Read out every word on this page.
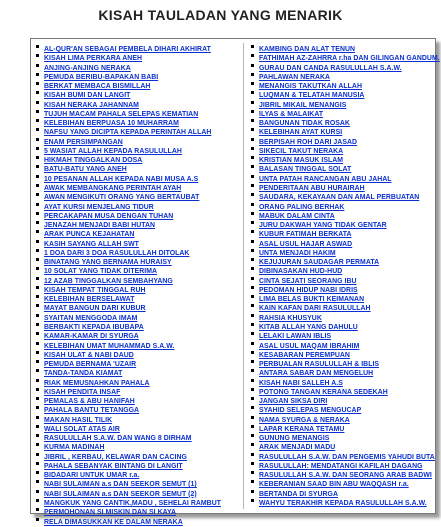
KISAH TAULADAN YANG MENARIK
AL-QUR'AN SEBAGAI PEMBELA DIHARI AKHIRAT
KISAH LIMA PERKARA ANEH
ANJING-ANJING NERAKA
PEMUDA BERIBU-BAPAKAN BABI
BERKAT MEMBACA BISMILLAH
KISAH BUMI DAN LANGIT
KISAH NERAKA JAHANNAM
TUJUH MACAM PAHALA SELEPAS KEMATIAN
KELEBIHAN BERPUASA 10 MUHARRAM
NAFSU YANG DICIPTA KEPADA PERINTAH ALLAH
ENAM PERSIMPANGAN
5 WASIAT ALLAH KEPADA RASULULLAH
HIKMAH TINGGALKAN DOSA
BATU-BATU YANG ANEH
10 PESANAN ALLAH KEPADA NABI MUSA A.S
AWAK MEMBANGKANG PERINTAH AYAH
AWAN MENGIKUTI ORANG YANG BERTAUBAT
AYAT KURSI MENJELANG TIDUR
PERCAKAPAN MUSA DENGAN TUHAN
JENAZAH MENJADI BABI HUTAN
ARAK PUNCA KEJAHATAN
KASIH SAYANG ALLAH SWT
1 DOA DARI 3 DOA RASULULLAH DITOLAK
BINATANG YANG BERNAMA HURAISY
10 SOLAT YANG TIDAK DITERIMA
12 AZAB TINGGALKAN SEMBAHYANG
KISAH TEMPAT TINGGAL RUH
KELEBIHAN BERSELAWAT
MAYAT BANGUN DARI KUBUR
SYAITAN MENGGODA IMAM
BERBAKTI KEPADA IBUBAPA
KAMAR-KAMAR DI SYURGA
KELEBIHAN UMAT MUHAMMAD S.A.W.
KISAH ULAT & NABI DAUD
PEMUDA BERNAMA 'UZAIR
TANDA-TANDA KIAMAT
RIAK MEMUSNAHKAN PAHALA
KISAH PENDITA INSAF
PEMALAS & ABU HANIFAH
PAHALA BANTU TETANGGA
MAKAN HASIL TILIK
WALI SOLAT ATAS AIR
RASULULLAH S.A.W. DAN WANG 8 DIRHAM
KURMA MADINAH
JIBRIL , KERBAU, KELAWAR DAN CACING
PAHALA SEBANYAK BINTANG DI LANGIT
BIDADARI UNTUK UMAR r.a.
NABI SULAIMAN a.s DAN SEEKOR SEMUT (1)
NABI SULAIMAN a.s DAN SEEKOR SEMUT (2)
MANGKUK YANG CANTIK,MADU , SEHELAI RAMBUT
PERMOHONAN SI MISKIN DAN SI KAYA
RELA DIMASUKKAN KE DALAM NERAKA
KAMBING DAN ALAT TENUN
FATHIMAH AZ-ZAHRRA r.ha DAN GILINGAN GANDUM.
GURAU DAN CANDA RASULULLAH S.A.W.
PAHLAWAN NERAKA
MENANGIS TAKUTKAN ALLAH
LUQMAN & TELATAH MANUSIA
JIBRIL MIKAIL MENANGIS
ILYAS & MALAIKAT
BANGUNAN TIDAK ROSAK
KELEBIHAN AYAT KURSI
BERPISAH ROH DARI JASAD
SIKECIL TAKUT NERAKA
KRISTIAN MASUK ISLAM
BALASAN TINGGAL SOLAT
UNTA PATAH RANCANGAN ABU JAHAL
PENDERITAAN ABU HURAIRAH
SAUDARA, KEKAYAAN DAN AMAL PERBUATAN
ORANG PALING BERHAK
MABUK DALAM CINTA
JURU DAKWAH YANG TIDAK GENTAR
KUBUR FATIMAH BERKATA
ASAL USUL HAJAR ASWAD
UNTA MENJADI HAKIM
KEJUJURAN SAUDAGAR PERMATA
DIBINASAKAN HUD-HUD
CINTA SEJATI SEORANG IBU
PEDOMAN HIDUP NABI IDRIS
LIMA BELAS BUKTI KEIMANAN
KAIN KAFAN DARI RASULULLAH
RAHSIA KHUSYUK
KITAB ALLAH YANG DAHULU
LELAKI LAWAN IBLIS
ASAL USUL MAQAM IBRAHIM
KESABARAN PEREMPUAN
PERBUALAN RASULULLAH & IBLIS
ANTARA SABAR DAN MENGELUH
KISAH NABI SALLEH A.S
POTONG TANGAN KERANA SEDEKAH
JANGAN SIKSA DIRI
SYAHID SELEPAS MENGUCAP
NAMA SYURGA & NERAKA
LAPAR KERANA TETAMU
GUNUNG MENANGIS
ARAK MENJADI MADU
RASULULLAH S.A.W. DAN PENGEMIS YAHUDI BUTA
RASULULLAH: MENDATANGI KAFILAH DAGANG
RASULULLAH S.A.W. DAN SEORANG ARAB BADWI
KEBERANIAN SAAD BIN ABU WAQQASH r.a.
BERTANDA DI SYURGA
WAHYU TERAKHIR KEPADA RASULULLAH S.A.W.
